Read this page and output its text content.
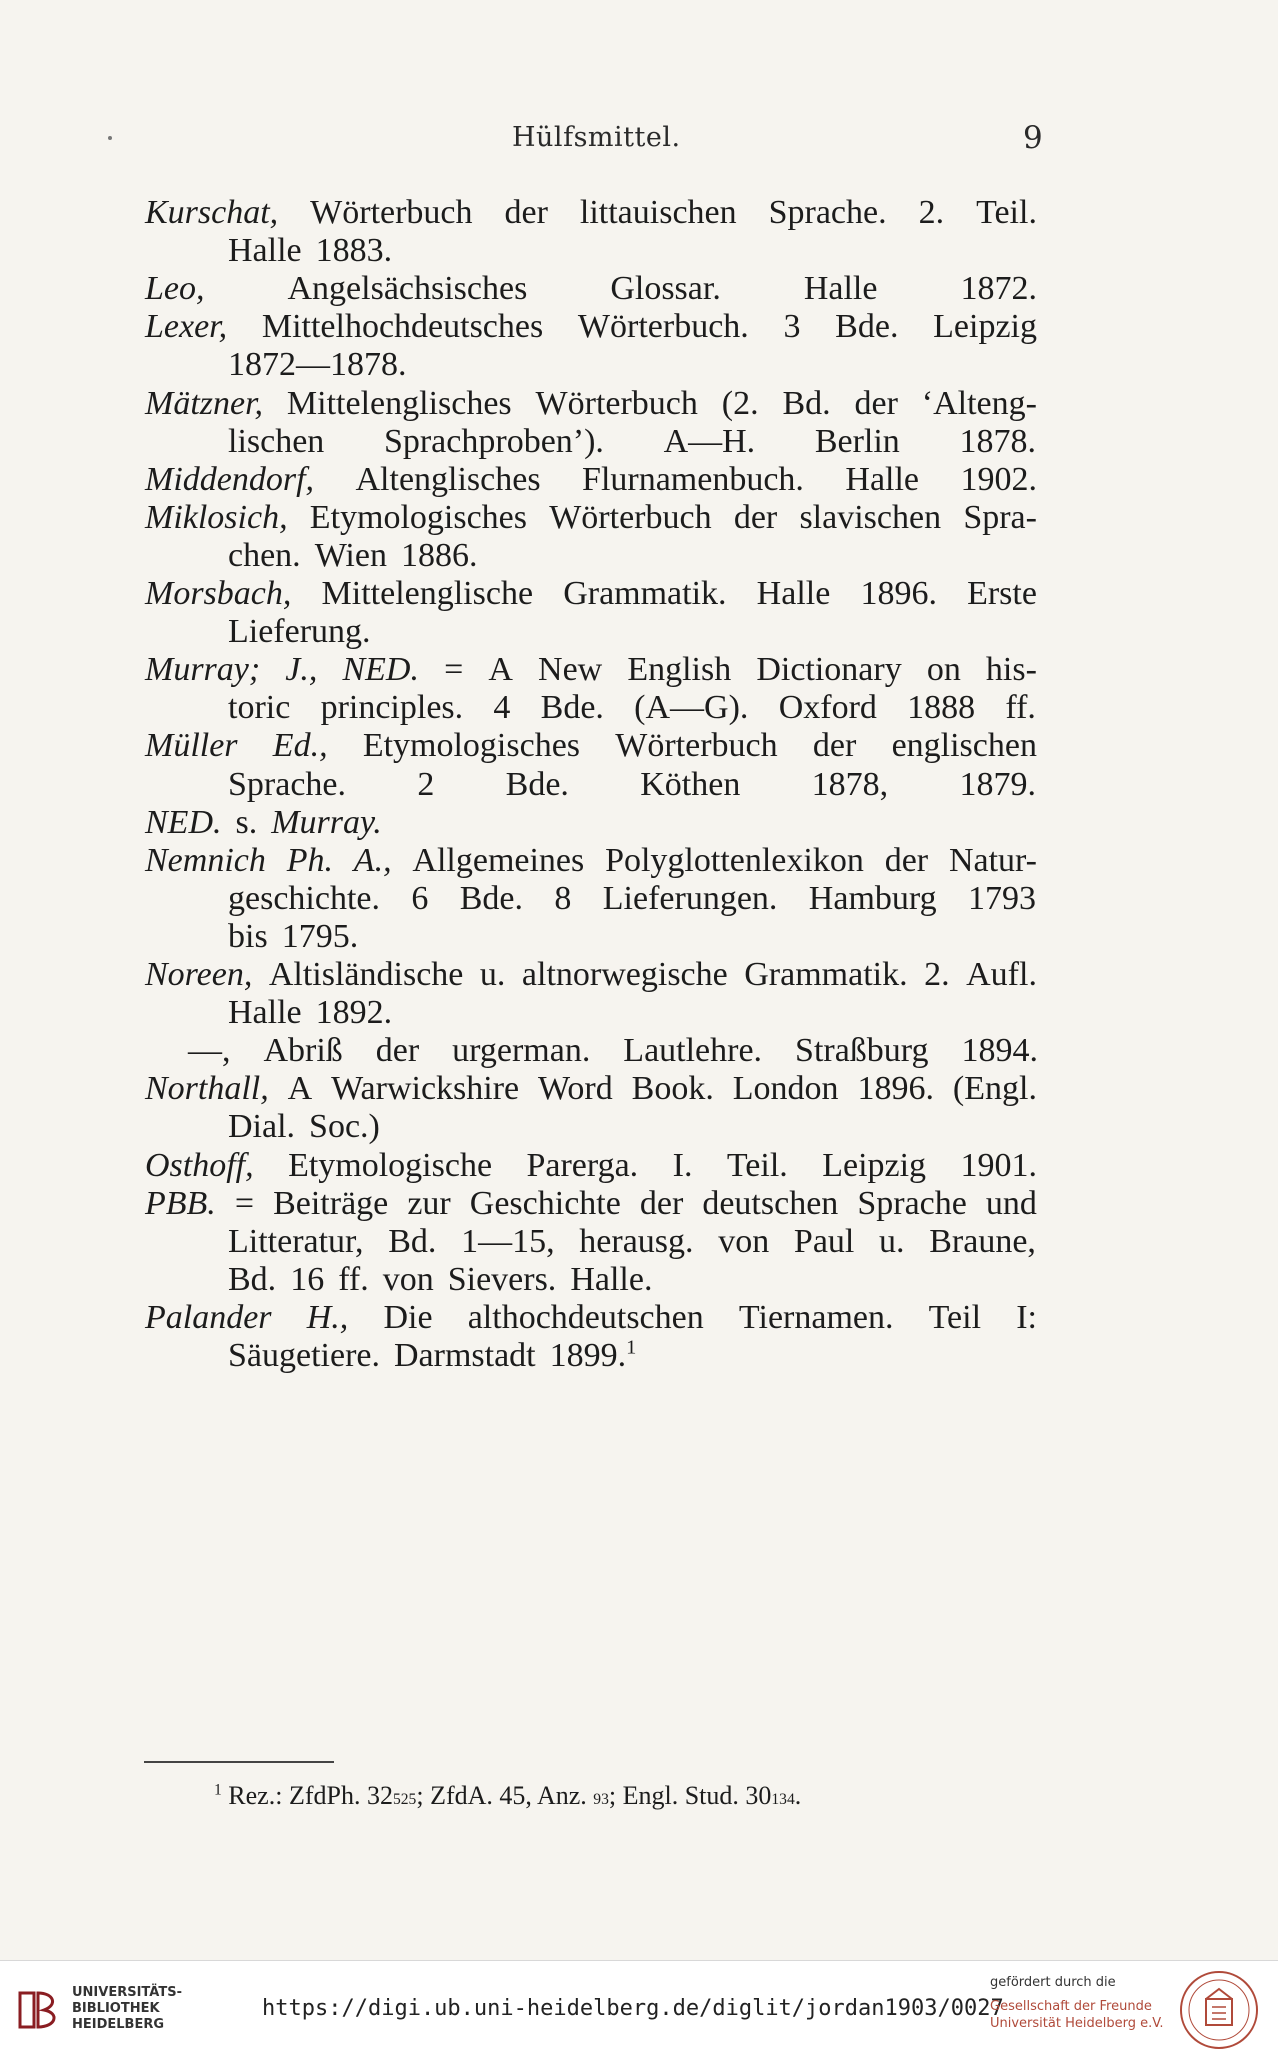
Hülfsmittel.	9
Kurschat, Wörterbuch der littauischen Sprache. 2. Teil.
Halle 1883.
Leo, Angelsächsisches Glossar. Halle 1872.
Lexer, Mittelhochdeutsches Wörterbuch. 3 Bde. Leipzig
1872—1878.
Mätzner, Mittelenglisches Wörterbuch (2. Bd. der ‘Alteng-
lischen Sprachproben’). A—H. Berlin 1878.
Middendorf, Altenglisches Flurnamenbuch. Halle 1902.
Miklosich, Etymologisches Wörterbuch der slavischen Spra-
chen. Wien 1886.
Morsbach, Mittelenglische Grammatik. Halle 1896. Erste
Lieferung.
Murray; J., NED. = A New English Dictionary on his-
toric principles. 4 Bde. (A—G). Oxford 1888 ff.
Müller Ed., Etymologisches Wörterbuch der englischen
Sprache. 2 Bde. Köthen 1878, 1879.
NED. s. Murray.
Nemnich Ph. A., Allgemeines Polyglottenlexikon der Natur-
geschichte. 6 Bde. 8 Lieferungen. Hamburg 1793
bis 1795.
Noreen, Altisländische u. altnorwegische Grammatik. 2. Aufl.
Halle 1892.
—, Abriß der urgerman. Lautlehre. Straßburg 1894.
Northall, A Warwickshire Word Book. London 1896. (Engl.
Dial. Soc.)
Osthoff, Etymologische Parerga. I. Teil. Leipzig 1901.
PBB. = Beiträge zur Geschichte der deutschen Sprache und
Litteratur, Bd. 1—15, herausg. von Paul u. Braune,
Bd. 16 ff. von Sievers. Halle.
Palander H., Die althochdeutschen Tiernamen. Teil I:
Säugetiere. Darmstadt 1899.$^1$
$^1$ Rez.: ZfdPh. 32525; ZfdA. 45, Anz. 93; Engl. Stud. 30134.
UNIVERSITÄTS-
BIBLIOTHEK
HEIDELBERG
https://digi.ub.uni-heidelberg.de/diglit/jordan1903/0027
gefördert durch die
Gesellschaft der Freunde
Universität Heidelberg e.V.
